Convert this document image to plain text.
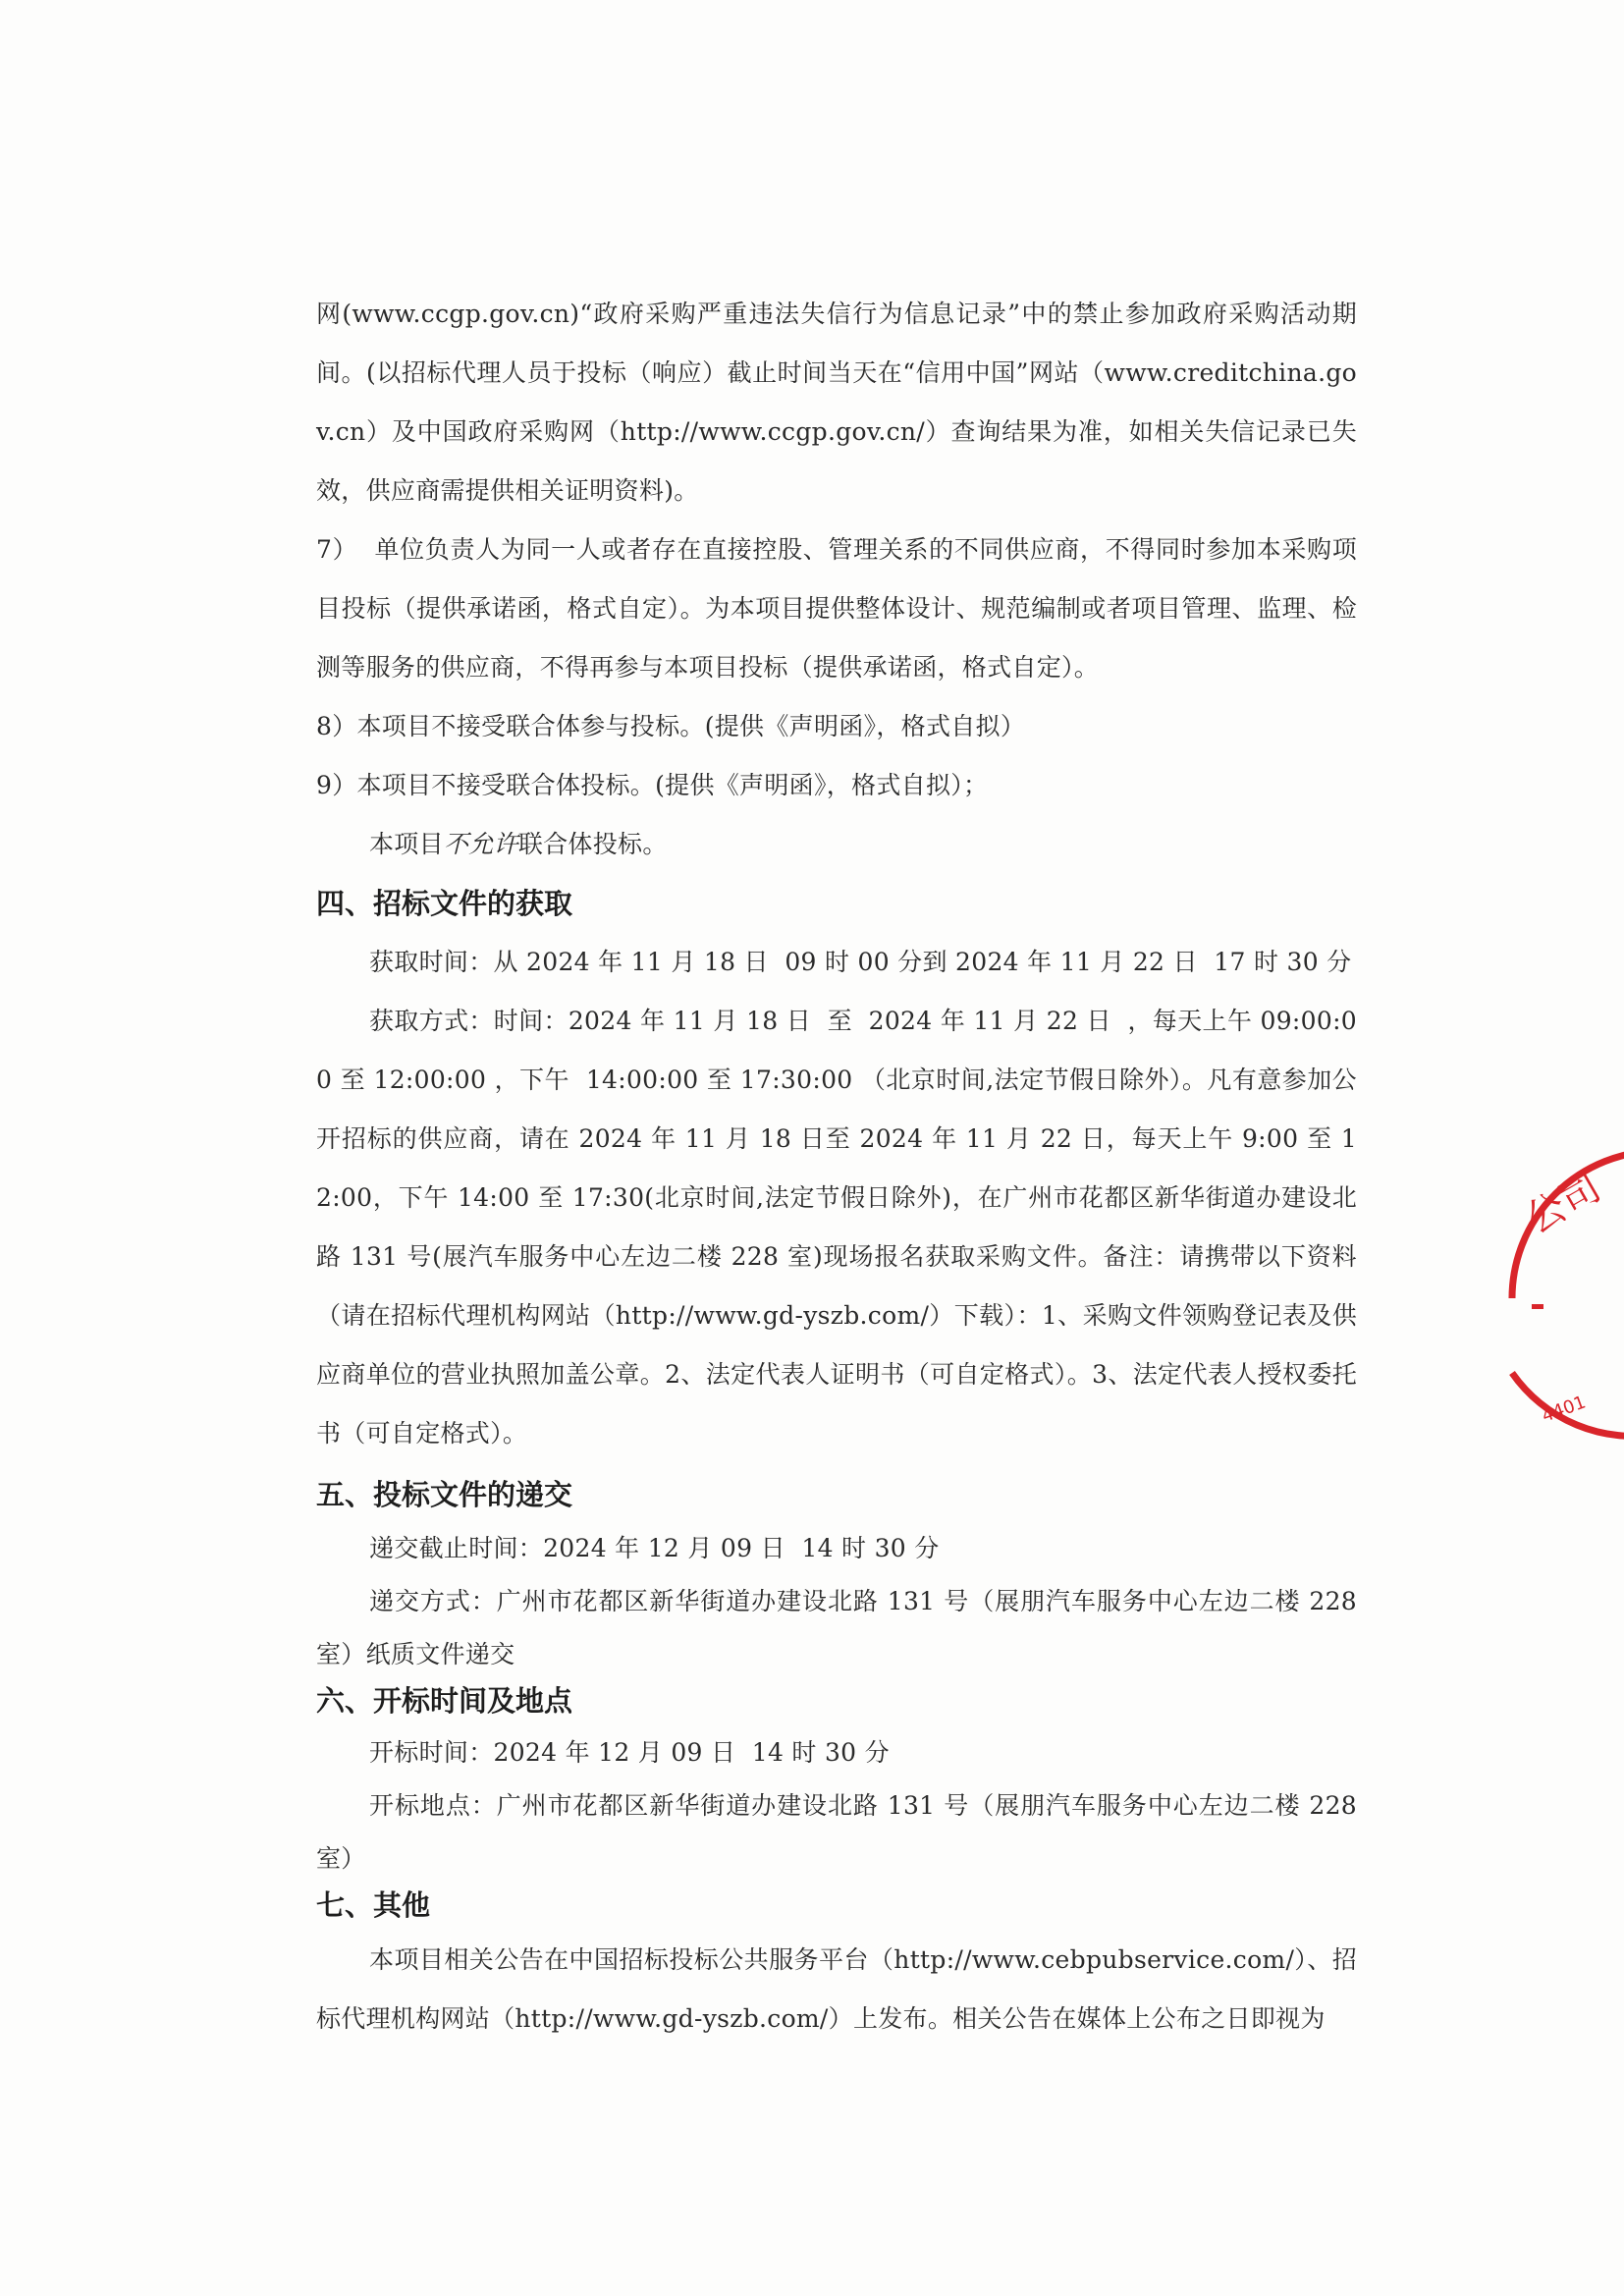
网(www.ccgp.gov.cn)“政府采购严重违法失信行为信息记录”中的禁止参加政府采购活动期间。(以招标代理人员于投标（响应）截止时间当天在“信用中国”网站（www.creditchina.gov.cn）及中国政府采购网（http://www.ccgp.gov.cn/）查询结果为准，如相关失信记录已失效，供应商需提供相关证明资料)。

7）  单位负责人为同一人或者存在直接控股、管理关系的不同供应商，不得同时参加本采购项目投标（提供承诺函，格式自定）。为本项目提供整体设计、规范编制或者项目管理、监理、检测等服务的供应商，不得再参与本项目投标（提供承诺函，格式自定）。

8）本项目不接受联合体参与投标。(提供《声明函》，格式自拟）

9）本项目不接受联合体投标。(提供《声明函》，格式自拟）；

本项目不允许联合体投标。

四、招标文件的获取

获取时间：从 2024 年 11 月 18 日  09 时 00 分到 2024 年 11 月 22 日  17 时 30 分

获取方式：时间：2024 年 11 月 18 日  至  2024 年 11 月 22 日  ，每天上午 09:00:00 至 12:00:00 ，下午  14:00:00 至 17:30:00 （北京时间,法定节假日除外）。凡有意参加公开招标的供应商，请在 2024 年 11 月 18 日至 2024 年 11 月 22 日，每天上午 9:00 至 12:00，下午 14:00 至 17:30(北京时间,法定节假日除外)，在广州市花都区新华街道办建设北路 131 号(展汽车服务中心左边二楼 228 室)现场报名获取采购文件。备注：请携带以下资料（请在招标代理机构网站（http://www.gd-yszb.com/）下载）：1、采购文件领购登记表及供应商单位的营业执照加盖公章。2、法定代表人证明书（可自定格式）。3、法定代表人授权委托书（可自定格式）。

五、投标文件的递交

递交截止时间：2024 年 12 月 09 日  14 时 30 分

递交方式：广州市花都区新华街道办建设北路 131 号（展朋汽车服务中心左边二楼 228 室）纸质文件递交

六、开标时间及地点

开标时间：2024 年 12 月 09 日  14 时 30 分

开标地点：广州市花都区新华街道办建设北路 131 号（展朋汽车服务中心左边二楼 228 室）

七、其他

本项目相关公告在中国招标投标公共服务平台（http://www.cebpubservice.com/）、招标代理机构网站（http://www.gd-yszb.com/）上发布。相关公告在媒体上公布之日即视为

公司
4401
